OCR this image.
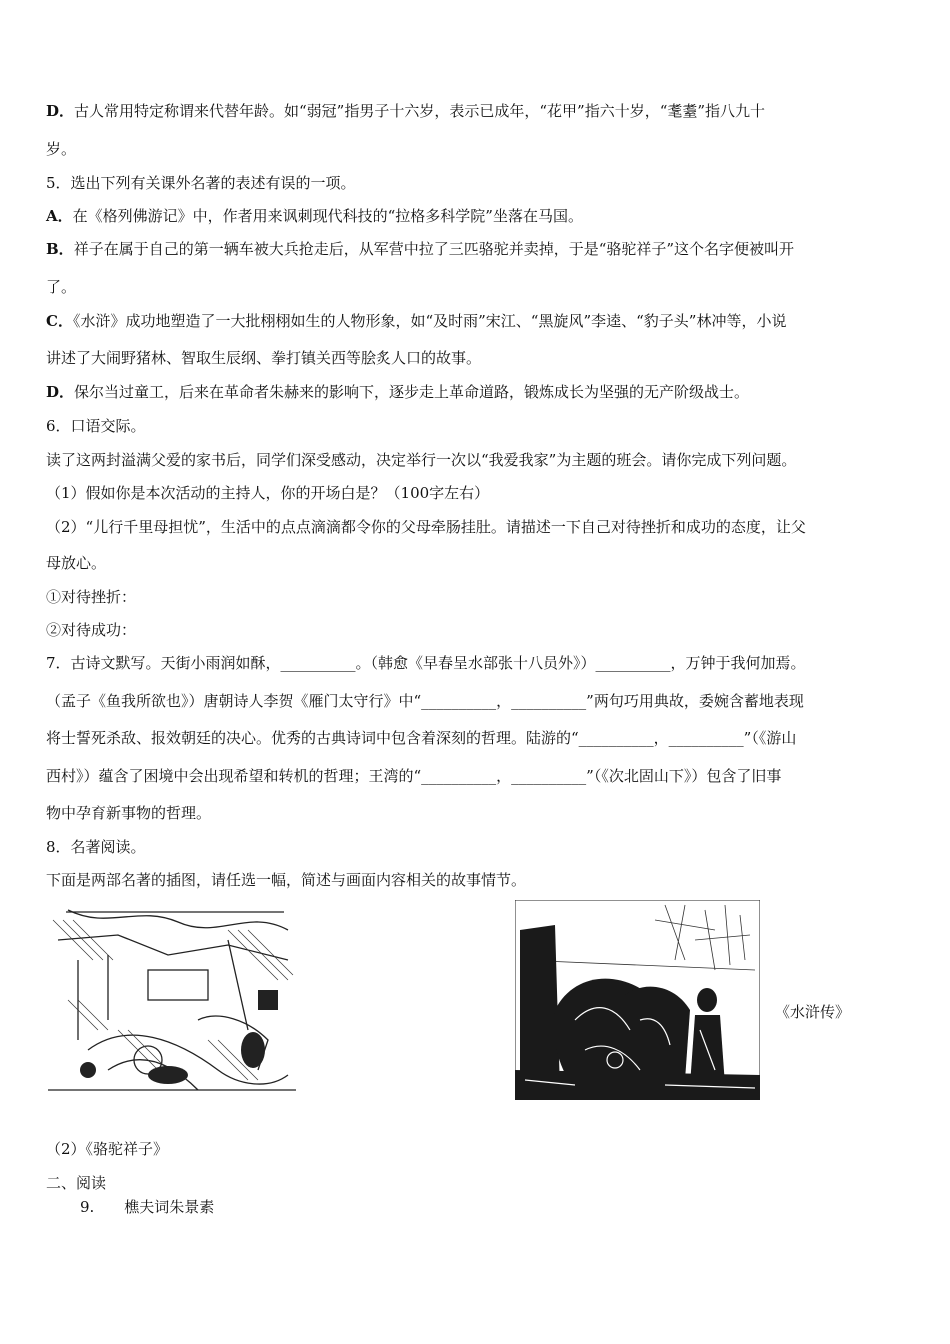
D．古人常用特定称谓来代替年龄。如“弱冠”指男子十六岁，表示已成年，“花甲”指六十岁，“耄耋”指八九十
岁。
5．选出下列有关课外名著的表述有误的一项。
A．在《格列佛游记》中，作者用来讽刺现代科技的“拉格多科学院”坐落在马国。
B．祥子在属于自己的第一辆车被大兵抢走后，从军营中拉了三匹骆驼并卖掉，于是“骆驼祥子”这个名字便被叫开
了。
C．《水浒》成功地塑造了一大批栩栩如生的人物形象，如“及时雨”宋江、“黑旋风”李逵、“豹子头”林冲等，小说
讲述了大闹野猪林、智取生辰纲、拳打镇关西等脍炙人口的故事。
D．保尔当过童工，后来在革命者朱赫来的影响下，逐步走上革命道路，锻炼成长为坚强的无产阶级战士。
6．口语交际。
读了这两封溢满父爱的家书后，同学们深受感动，决定举行一次以“我爱我家”为主题的班会。请你完成下列问题。
（1）假如你是本次活动的主持人，你的开场白是？（100字左右）
（2）“儿行千里母担忧”，生活中的点点滴滴都令你的父母牵肠挂肚。请描述一下自己对待挫折和成功的态度，让父
母放心。
①对待挫折：
②对待成功：
7．古诗文默写。天街小雨润如酥，__________。（韩愈《早春呈水部张十八员外》）__________，万钟于我何加焉。
（孟子《鱼我所欲也》）唐朝诗人李贺《雁门太守行》中“__________，__________”两句巧用典故，委婉含蓄地表现
将士誓死杀敌、报效朝廷的决心。优秀的古典诗词中包含着深刻的哲理。陆游的“__________，__________”（《游山
西村》）蕴含了困境中会出现希望和转机的哲理；王湾的“__________，__________”（《次北固山下》）包含了旧事
物中孕育新事物的哲理。
8．名著阅读。
下面是两部名著的插图，请任选一幅，简述与画面内容相关的故事情节。
《水浒传》
（2）《骆驼祥子》
二、阅读
9.　　樵夫词朱景素
